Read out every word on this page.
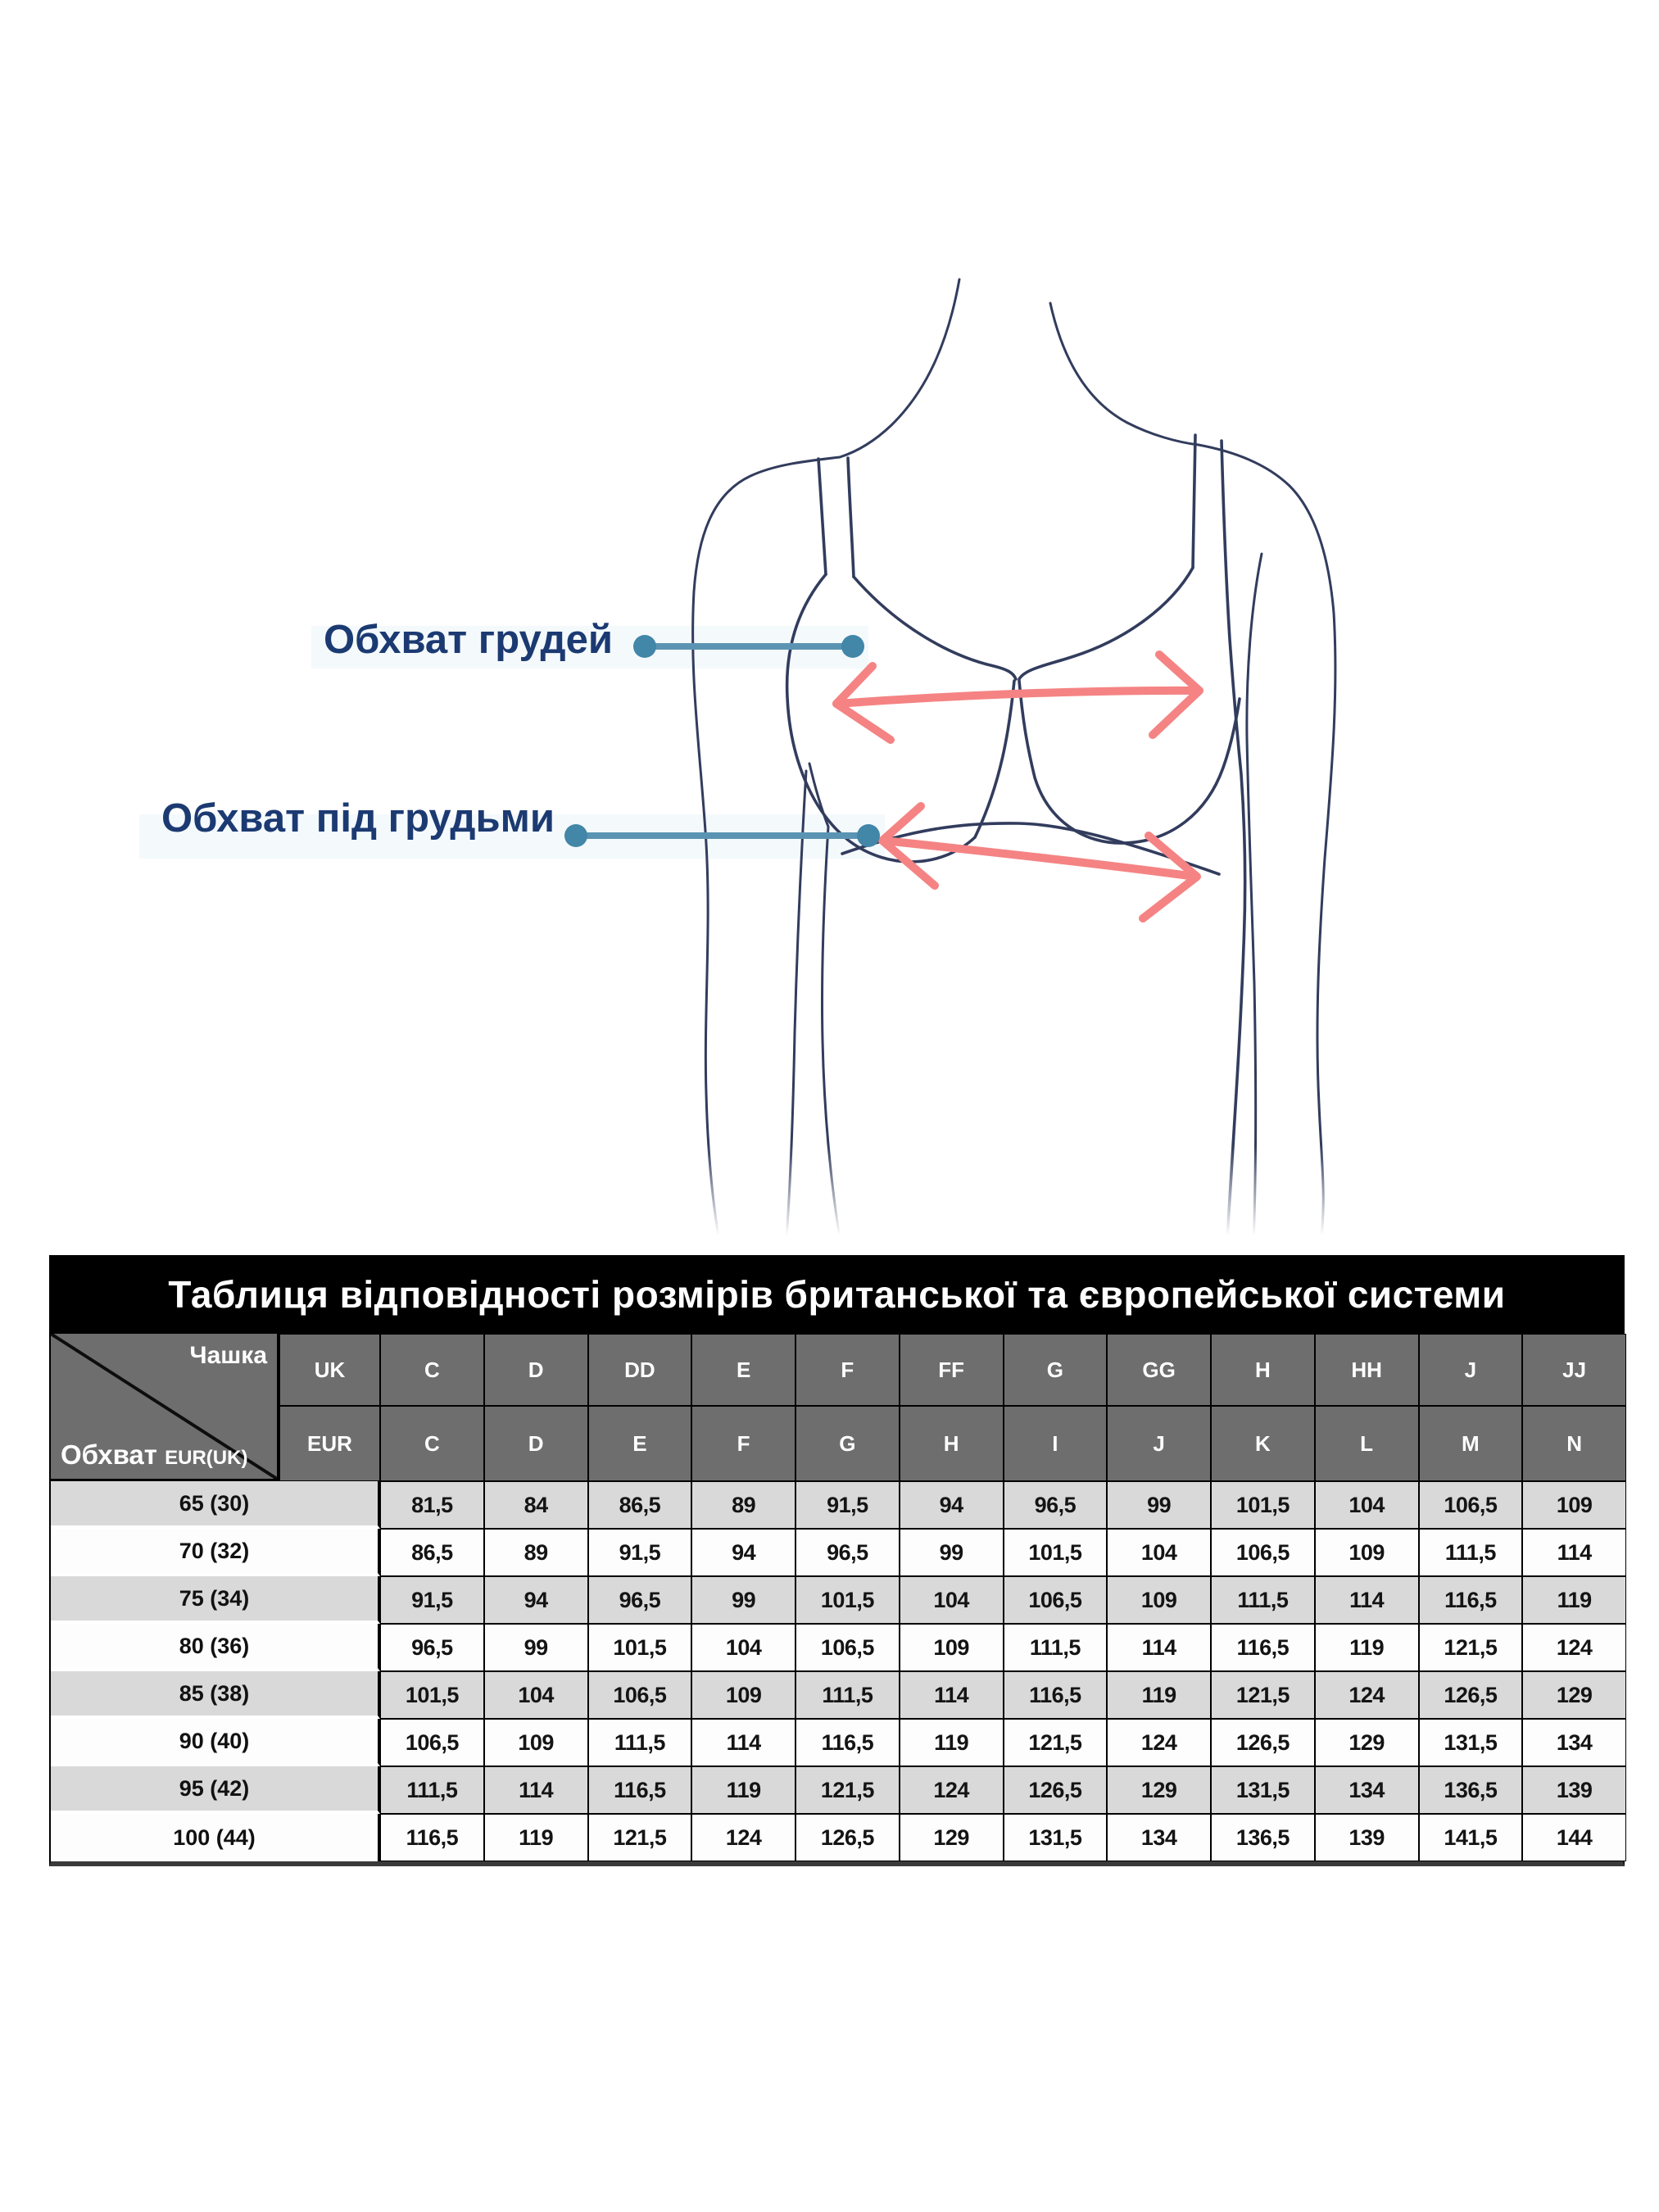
Обхват грудей
Обхват під грудьми
Таблиця відповідності розмірів британської та європейської системи
Чашка
Обхват EUR(UK)
UK	C	D	DD	E	F	FF	G	GG	H	HH	J	JJ
EUR	C	D	E	F	G	H	I	J	K	L	M	N
65 (30)	81,5	84	86,5	89	91,5	94	96,5	99	101,5	104	106,5	109
70 (32)	86,5	89	91,5	94	96,5	99	101,5	104	106,5	109	111,5	114
75 (34)	91,5	94	96,5	99	101,5	104	106,5	109	111,5	114	116,5	119
80 (36)	96,5	99	101,5	104	106,5	109	111,5	114	116,5	119	121,5	124
85 (38)	101,5	104	106,5	109	111,5	114	116,5	119	121,5	124	126,5	129
90 (40)	106,5	109	111,5	114	116,5	119	121,5	124	126,5	129	131,5	134
95 (42)	111,5	114	116,5	119	121,5	124	126,5	129	131,5	134	136,5	139
100 (44)	116,5	119	121,5	124	126,5	129	131,5	134	136,5	139	141,5	144
